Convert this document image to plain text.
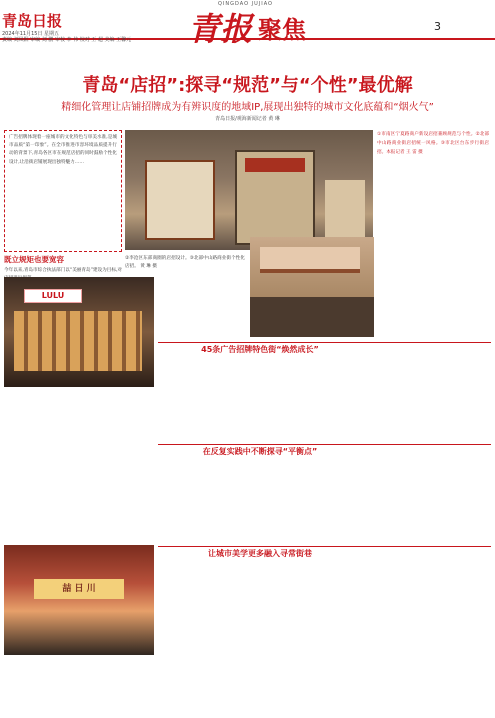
青岛日报
QINGDAO JUJIAO
青报 聚焦	3
2024年11月15日 星期五
责编 刘凤阳 审编 刘 鹏 审校 李 伟 校对 王 超 美编 王馨元
青岛“店招”:探寻“规范”与“个性”最优解
精细化管理让店铺招牌成为有辨识度的地域IP,展现出独特的城市文化底蕴和“烟火气”
青岛日报/观海新闻记者 黄 琳
广告招牌体现着一座城市的文化特色与审美水准,是城市品质“第一印象”。在全市推进市容环境品质提升行动的背景下,青岛各区市在规范店招的同时鼓励个性化设计,让沿街店铺展现出独特魅力……
①市南区宁夏路商户新设店招兼顾规范与个性。②北部中山路商业街店招统一风格。③市北区台东步行街店招。本报记者 王 雷 摄
②李沧区东部商圈的店招设计。③北部中山路商业街个性化店招。 黄 琳 摄
既立规矩也要宽容
今年以来,青岛市综合执法部门以“美丽青岛”建设为目标,对
LULU
喆 日 川
45条广告招牌特色街“焕然成长”
在反复实践中不断探寻“平衡点”
让城市美学更多融入寻常街巷
